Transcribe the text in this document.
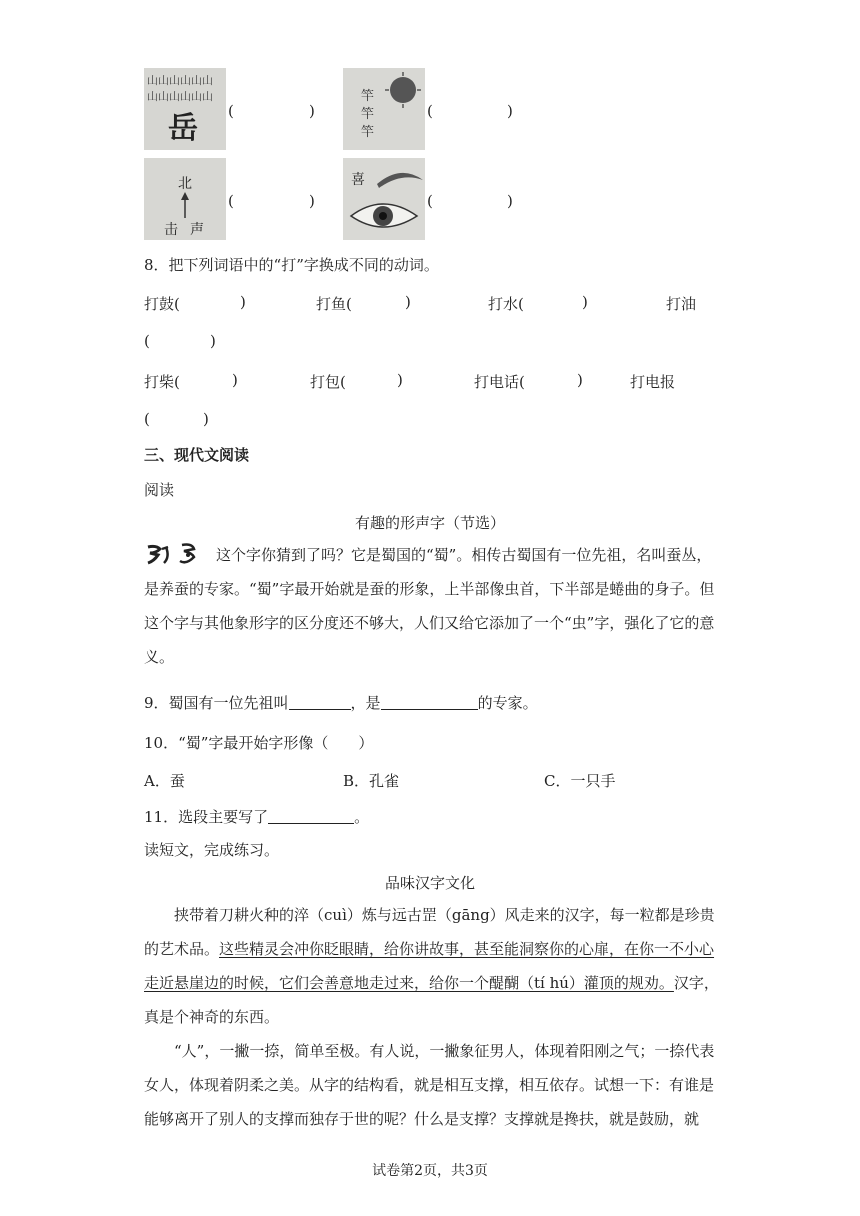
山山山山山山
山山山山山山
岳 (	)
竿
竿
竿
(	)
北
击声
(	)
喜
(	)
8．把下列词语中的“打”字换成不同的动词。
打鼓(	)	打鱼(	)	打水(	)	打油
(	)
打柴(	)	打包(	)	打电话(	)	打电报
(	)
三、现代文阅读
阅读
有趣的形声字（节选）
这个字你猜到了吗？它是蜀国的“蜀”。相传古蜀国有一位先祖，名叫蚕丛，是养蚕的专家。“蜀”字最开始就是蚕的形象，上半部像虫首，下半部是蜷曲的身子。但这个字与其他象形字的区分度还不够大，人们又给它添加了一个“虫”字，强化了它的意义。
9．蜀国有一位先祖叫	，是	的专家。
10．“蜀”字最开始字形像（　　）
A．蚕	B．孔雀	C．一只手
11．选段主要写了	。
读短文，完成练习。
品味汉字文化
挟带着刀耕火种的淬（cuì）炼与远古罡（gāng）风走来的汉字，每一粒都是珍贵的艺术品。这些精灵会冲你眨眼睛，给你讲故事，甚至能洞察你的心扉，在你一不小心走近悬崖边的时候，它们会善意地走过来，给你一个醍醐（tí hú）灌顶的规劝。汉字，真是个神奇的东西。
“人”，一撇一捺，简单至极。有人说，一撇象征男人，体现着阳刚之气；一捺代表女人，体现着阴柔之美。从字的结构看，就是相互支撑，相互依存。试想一下：有谁是能够离开了别人的支撑而独存于世的呢？什么是支撑？支撑就是搀扶，就是鼓励，就
试卷第2页，共3页
